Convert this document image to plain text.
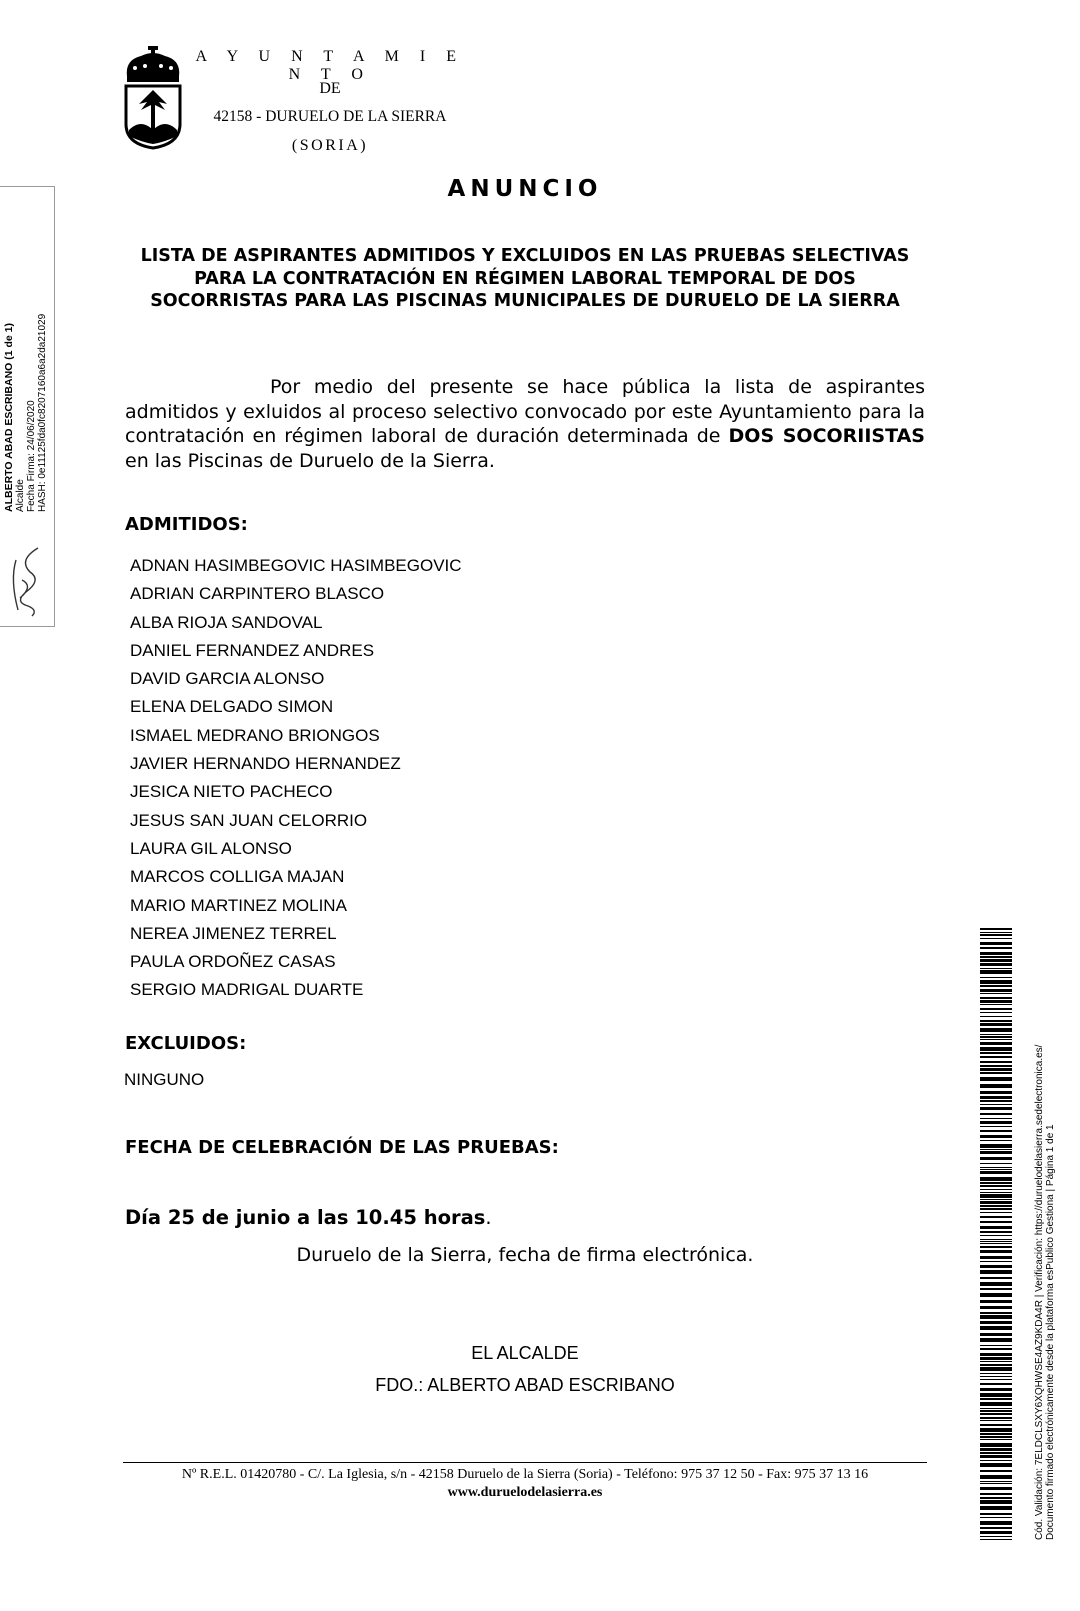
A Y U N T A M I E N T O
DE
42158 - DURUELO DE LA SIERRA
(SORIA)
ANUNCIO
LISTA DE ASPIRANTES ADMITIDOS Y EXCLUIDOS EN LAS PRUEBAS SELECTIVAS PARA LA CONTRATACIÓN EN RÉGIMEN LABORAL TEMPORAL DE DOS SOCORRISTAS PARA LAS PISCINAS MUNICIPALES DE DURUELO DE LA SIERRA
Por medio del presente se hace pública la lista de aspirantes admitidos y exluidos al proceso selectivo convocado por este Ayuntamiento para la contratación en régimen laboral de duración determinada de DOS SOCORIISTAS en las Piscinas de Duruelo de la Sierra.
ADMITIDOS:
ADNAN HASIMBEGOVIC HASIMBEGOVIC
ADRIAN CARPINTERO BLASCO
ALBA RIOJA SANDOVAL
DANIEL FERNANDEZ ANDRES
DAVID GARCIA ALONSO
ELENA DELGADO SIMON
ISMAEL MEDRANO BRIONGOS
JAVIER HERNANDO HERNANDEZ
JESICA NIETO PACHECO
JESUS SAN JUAN CELORRIO
LAURA GIL ALONSO
MARCOS COLLIGA MAJAN
MARIO MARTINEZ MOLINA
NEREA JIMENEZ TERREL
PAULA ORDOÑEZ CASAS
SERGIO MADRIGAL DUARTE
EXCLUIDOS:
NINGUNO
FECHA DE CELEBRACIÓN DE LAS PRUEBAS:
Día 25 de junio a las 10.45 horas.
Duruelo de la Sierra, fecha de firma electrónica.
EL ALCALDE
FDO.: ALBERTO ABAD ESCRIBANO
Nº R.E.L. 01420780 - C/. La Iglesia, s/n - 42158 Duruelo de la Sierra (Soria) - Teléfono: 975 37 12 50 - Fax: 975 37 13 16
www.duruelodelasierra.es
ALBERTO ABAD ESCRIBANO (1 de 1) Alcalde Fecha Firma: 24/06/2020 HASH: 0e11125fda0fc8207160a6a2da21029
Cód. Validación: 7ELDCLSXY6XQHWSE4AZ9KDA4R | Verificación: https://duruelodelasierra.sedelectronica.es/ Documento firmado electrónicamente desde la plataforma esPublico Gestiona | Página 1 de 1
